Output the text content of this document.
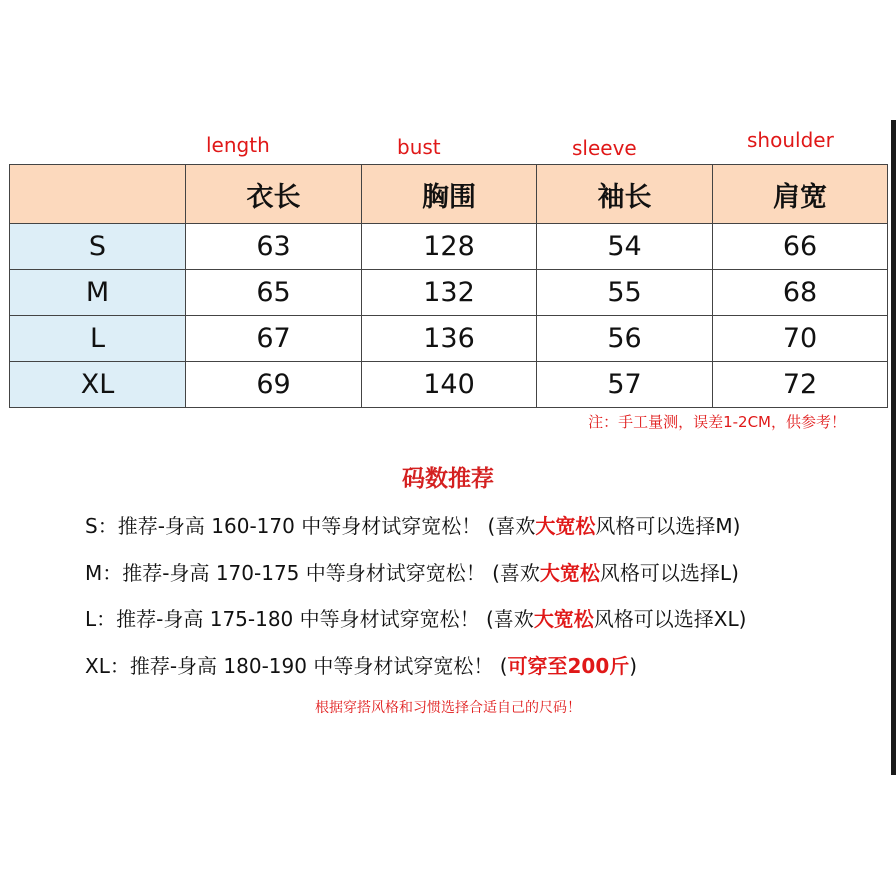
length	bust	sleeve	shoulder
	衣长	胸围	袖长	肩宽
S	63	128	54	66
M	65	132	55	68
L	67	136	56	70
XL	69	140	57	72
注：手工量测，误差1-2CM，供参考！
码数推荐
S：推荐-身高 160-170 中等身材试穿宽松！ (喜欢大宽松风格可以选择M)
M：推荐-身高 170-175 中等身材试穿宽松！ (喜欢大宽松风格可以选择L)
L：推荐-身高 175-180 中等身材试穿宽松！ (喜欢大宽松风格可以选择XL)
XL：推荐-身高 180-190 中等身材试穿宽松！ (可穿至200斤)
根据穿搭风格和习惯选择合适自己的尺码！
